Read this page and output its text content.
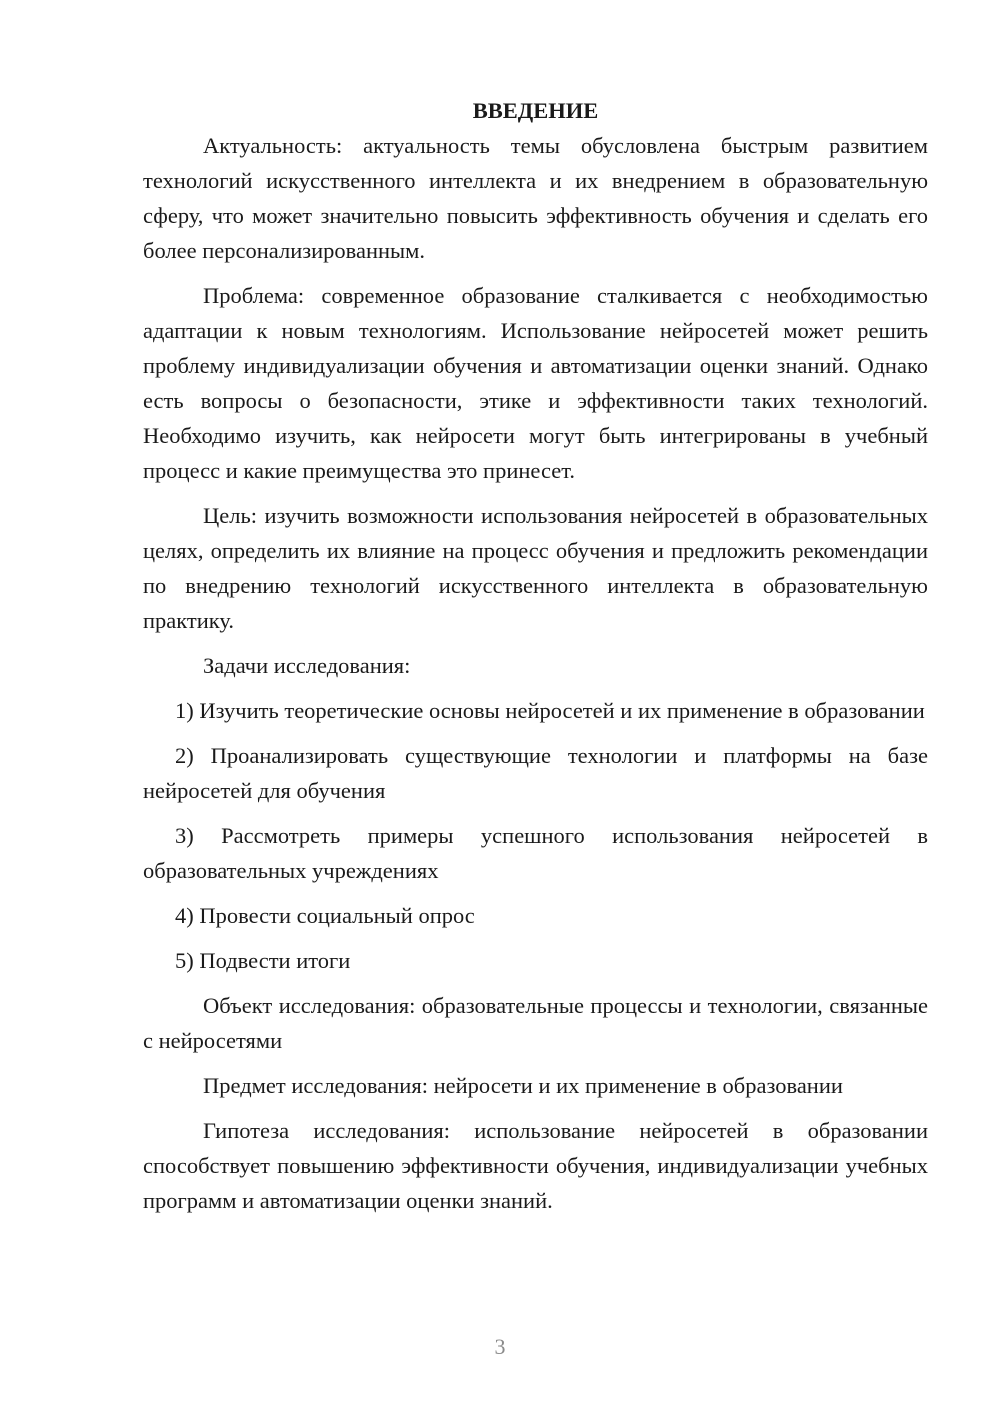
ВВЕДЕНИЕ

Актуальность: актуальность темы обусловлена быстрым развитием технологий искусственного интеллекта и их внедрением в образовательную сферу, что может значительно повысить эффективность обучения и сделать его более персонализированным.

Проблема: современное образование сталкивается с необходимостью адаптации к новым технологиям. Использование нейросетей может решить проблему индивидуализации обучения и автоматизации оценки знаний. Однако есть вопросы о безопасности, этике и эффективности таких технологий. Необходимо изучить, как нейросети могут быть интегрированы в учебный процесс и какие преимущества это принесет.

Цель: изучить возможности использования нейросетей в образовательных целях, определить их влияние на процесс обучения и предложить рекомендации по внедрению технологий искусственного интеллекта в образовательную практику.

Задачи исследования:

1) Изучить теоретические основы нейросетей и их применение в образовании

2) Проанализировать существующие технологии и платформы на базе нейросетей для обучения

3) Рассмотреть примеры успешного использования нейросетей в образовательных учреждениях

4) Провести социальный опрос

5) Подвести итоги

Объект исследования: образовательные процессы и технологии, связанные с нейросетями

Предмет исследования: нейросети и их применение в образовании

Гипотеза исследования: использование нейросетей в образовании способствует повышению эффективности обучения, индивидуализации учебных программ и автоматизации оценки знаний.

3
